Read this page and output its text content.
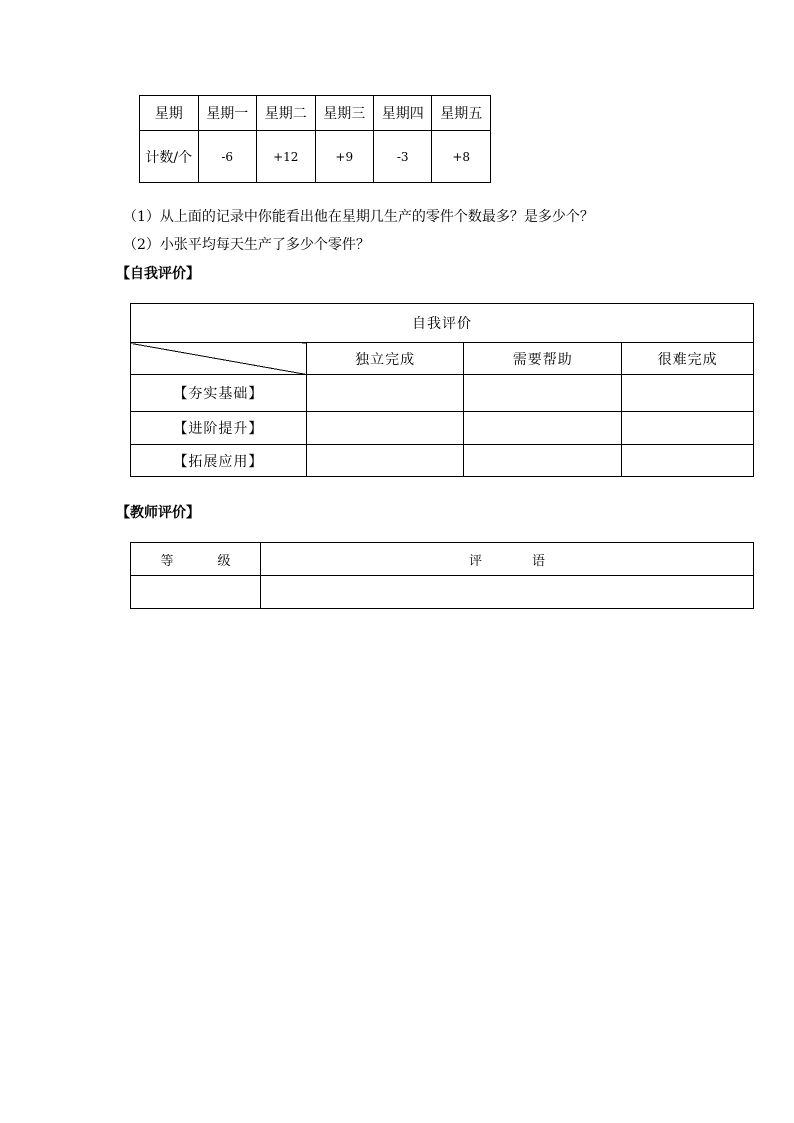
星期	星期一	星期二	星期三	星期四	星期五
计数/个	-6	+12	+9	-3	+8
（1）从上面的记录中你能看出他在星期几生产的零件个数最多？是多少个？
（2）小张平均每天生产了多少个零件？
【自我评价】
自我评价			
	独立完成	需要帮助	很难完成
【夯实基础】			
【进阶提升】			
【拓展应用】			
【教师评价】
等级	评语
